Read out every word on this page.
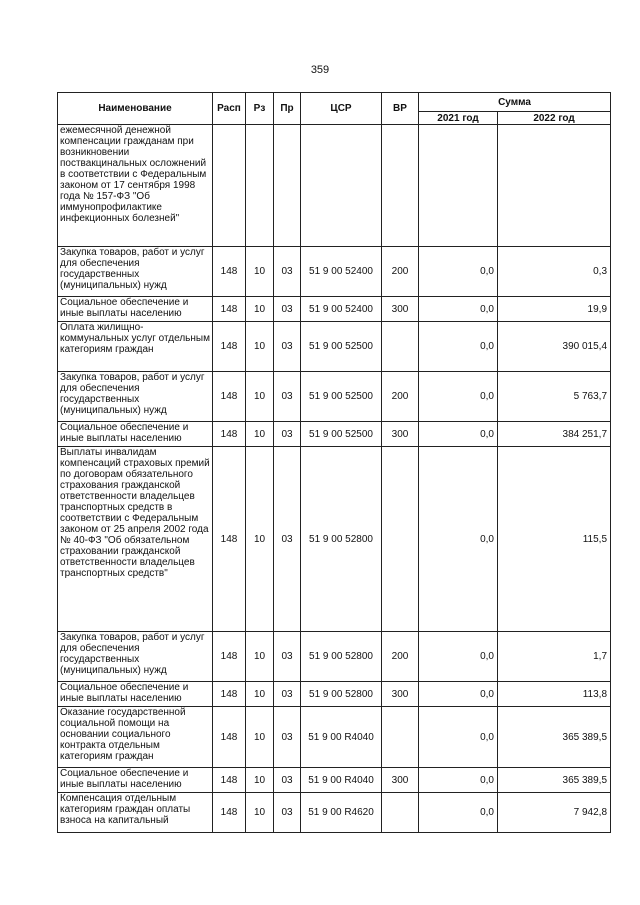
359
Наименование	Расп	Рз	Пр	ЦСР	ВР	Сумма	
						2021 год	2022 год
ежемесячной денежной компенсации гражданам при возникновении поствакцинальных осложнений в соответствии с Федеральным законом от 17 сентября 1998 года № 157-ФЗ "Об иммунопрофилактике инфекционных болезней"							
Закупка товаров, работ и услуг для обеспечения государственных (муниципальных) нужд	148	10	03	51 9 00 52400	200	0,0	0,3
Социальное обеспечение и иные выплаты населению	148	10	03	51 9 00 52400	300	0,0	19,9
Оплата жилищно-коммунальных услуг отдельным категориям граждан	148	10	03	51 9 00 52500		0,0	390 015,4
Закупка товаров, работ и услуг для обеспечения государственных (муниципальных) нужд	148	10	03	51 9 00 52500	200	0,0	5 763,7
Социальное обеспечение и иные выплаты населению	148	10	03	51 9 00 52500	300	0,0	384 251,7
Выплаты инвалидам компенсаций страховых премий по договорам обязательного страхования гражданской ответственности владельцев транспортных средств в соответствии с Федеральным законом от 25 апреля 2002 года № 40-ФЗ "Об обязательном страховании гражданской ответственности владельцев транспортных средств"	148	10	03	51 9 00 52800		0,0	115,5
Закупка товаров, работ и услуг для обеспечения государственных (муниципальных) нужд	148	10	03	51 9 00 52800	200	0,0	1,7
Социальное обеспечение и иные выплаты населению	148	10	03	51 9 00 52800	300	0,0	113,8
Оказание государственной социальной помощи на основании социального контракта отдельным категориям граждан	148	10	03	51 9 00 R4040		0,0	365 389,5
Социальное обеспечение и иные выплаты населению	148	10	03	51 9 00 R4040	300	0,0	365 389,5
Компенсация отдельным категориям граждан оплаты взноса на капитальный	148	10	03	51 9 00 R4620		0,0	7 942,8
